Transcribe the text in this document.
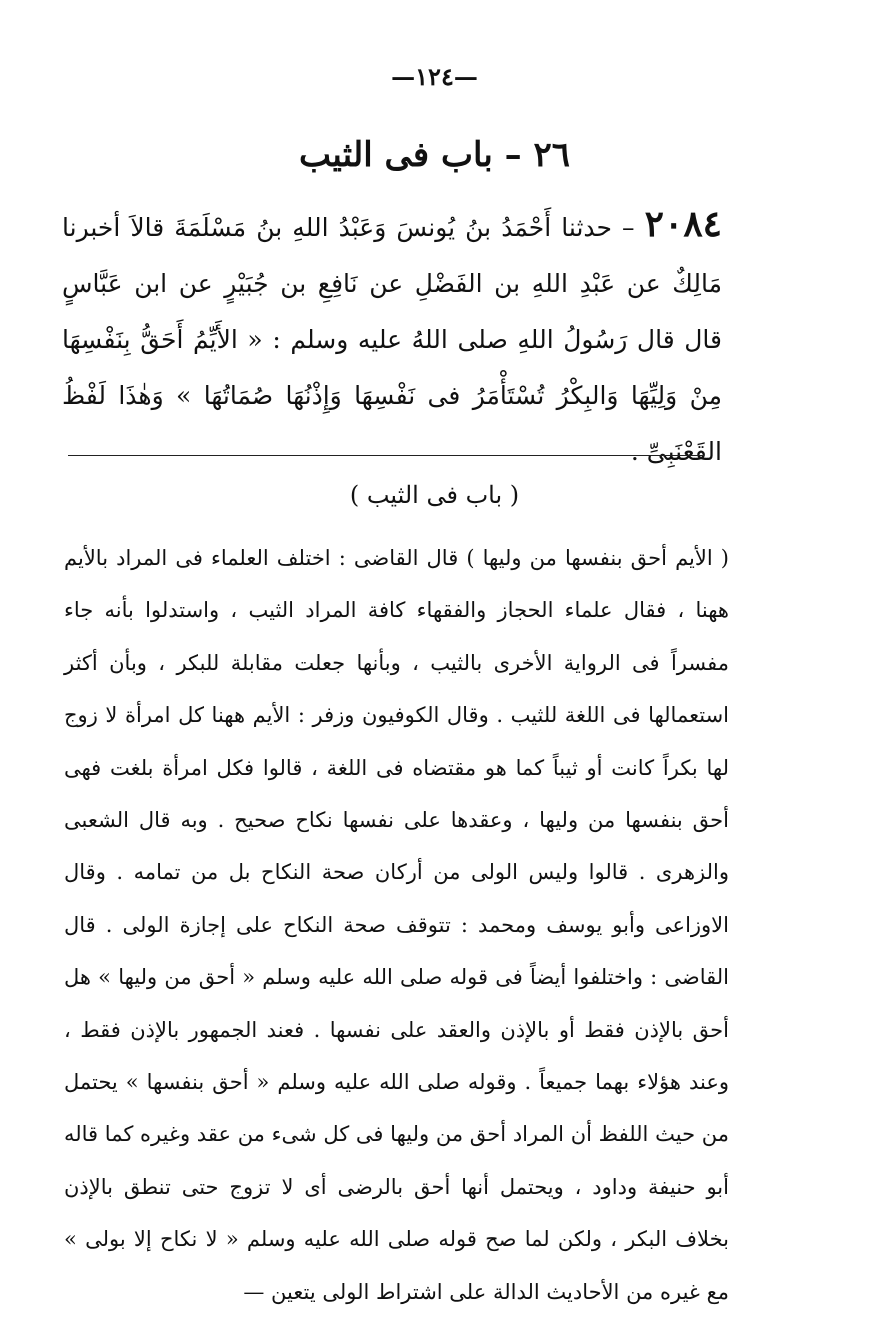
—١٢٤—
٢٦ – باب فى الثيب
٢٠٨٤ – حدثنا أَحْمَدُ بنُ يُونسَ وَعَبْدُ اللهِ بنُ مَسْلَمَةَ قالاَ أخبرنا مَالِكٌ عن عَبْدِ اللهِ بن الفَضْلِ عن نَافِعِ بن جُبَيْرٍ عن ابن عَبَّاسٍ قال قال رَسُولُ اللهِ صلى اللهُ عليه وسلم : « الأَيِّمُ أَحَقُّ بِنَفْسِهَا مِنْ وَلِيِّهَا وَالبِكْرُ تُسْتَأْمَرُ فى نَفْسِهَا وَإِذْنُهَا صُمَاتُهَا » وَهٰذَا لَفْظُ القَعْنَبِىِّ .
( باب فى الثيب )
( الأيم أحق بنفسها من وليها ) قال القاضى : اختلف العلماء فى المراد بالأيم ههنا ، فقال علماء الحجاز والفقهاء كافة المراد الثيب ، واستدلوا بأنه جاء مفسراً فى الرواية الأخرى بالثيب ، وبأنها جعلت مقابلة للبكر ، وبأن أكثر استعمالها فى اللغة للثيب . وقال الكوفيون وزفر : الأيم ههنا كل امرأة لا زوج لها بكراً كانت أو ثيباً كما هو مقتضاه فى اللغة ، قالوا فكل امرأة بلغت فهى أحق بنفسها من وليها ، وعقدها على نفسها نكاح صحيح . وبه قال الشعبى والزهرى . قالوا وليس الولى من أركان صحة النكاح بل من تمامه . وقال الاوزاعى وأبو يوسف ومحمد : تتوقف صحة النكاح على إجازة الولى . قال القاضى : واختلفوا أيضاً فى قوله صلى الله عليه وسلم « أحق من وليها » هل أحق بالإذن فقط أو بالإذن والعقد على نفسها . فعند الجمهور بالإذن فقط ، وعند هؤلاء بهما جميعاً . وقوله صلى الله عليه وسلم « أحق بنفسها » يحتمل من حيث اللفظ أن المراد أحق من وليها فى كل شىء من عقد وغيره كما قاله أبو حنيفة وداود ، ويحتمل أنها أحق بالرضى أى لا تزوج حتى تنطق بالإذن بخلاف البكر ، ولكن لما صح قوله صلى الله عليه وسلم « لا نكاح إلا بولى » مع غيره من الأحاديث الدالة على اشتراط الولى يتعين —
